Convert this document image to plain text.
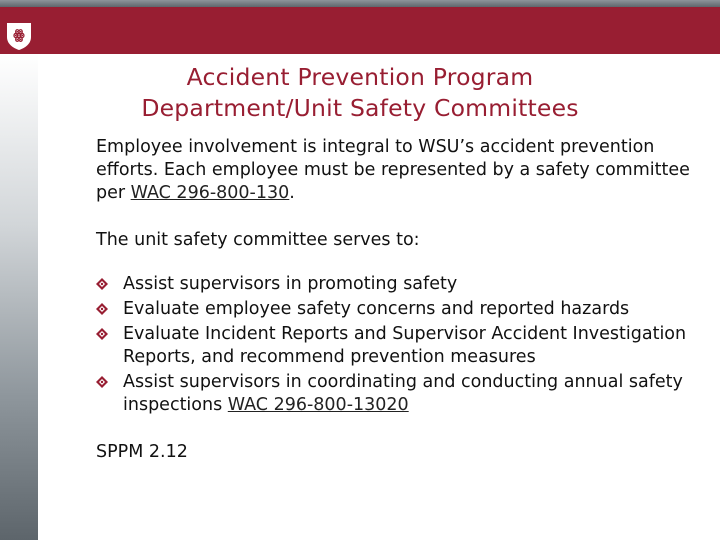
ꙮ
Accident Prevention Program
Department/Unit Safety Committees

Employee involvement is integral to WSU’s accident prevention efforts. Each employee must be represented by a safety committee per WAC 296-800-130.

The unit safety committee serves to:

Assist supervisors in promoting safety
Evaluate employee safety concerns and reported hazards
Evaluate Incident Reports and Supervisor Accident Investigation Reports, and recommend prevention measures
Assist supervisors in coordinating and conducting annual safety inspections WAC 296-800-13020

SPPM 2.12
